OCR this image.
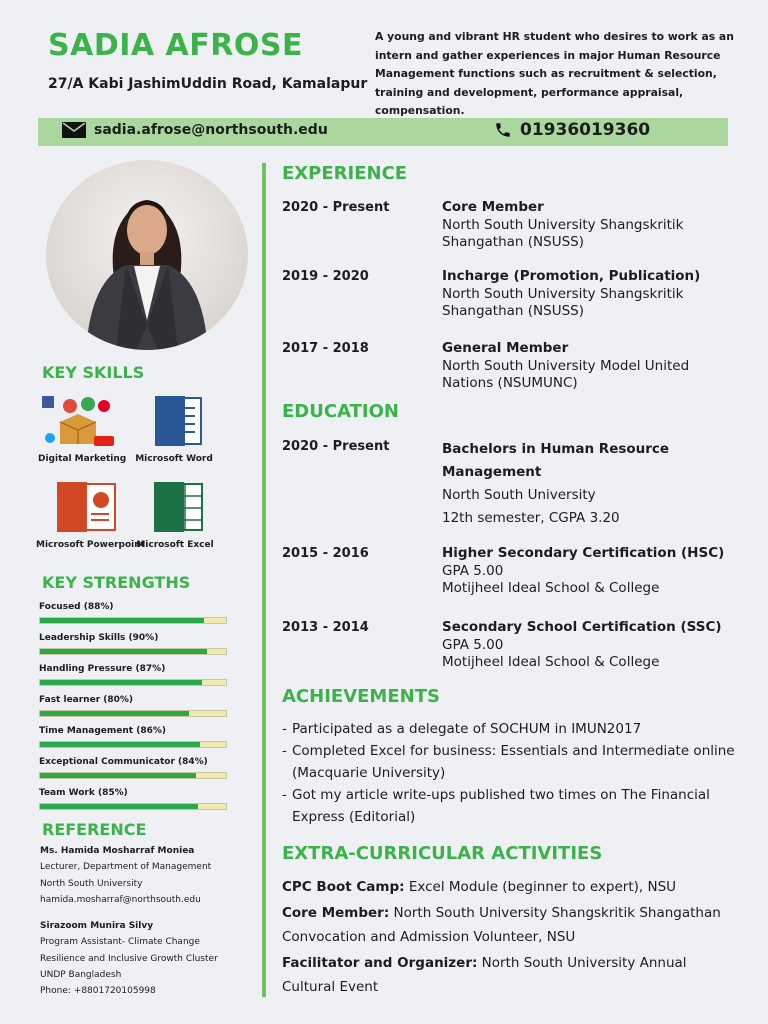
SADIA AFROSE
27/A Kabi JashimUddin Road, Kamalapur
A young and vibrant HR student who desires to work as an intern and gather experiences in major Human Resource Management functions such as recruitment & selection, training and development, performance appraisal, compensation.
sadia.afrose@northsouth.edu	01936019360
KEY SKILLS
Digital Marketing Microsoft Word
Microsoft Powerpoint
Microsoft Excel
KEY STRENGTHS
Focused (88%)
Leadership Skills (90%)
Handling Pressure (87%)
Fast learner (80%)
Time Management (86%)
Exceptional Communicator (84%)
Team Work (85%)
REFERENCE
Ms. Hamida Mosharraf Moniea
Lecturer, Department of Management
North South University
hamida.mosharraf@northsouth.edu
Sirazoom Munira Silvy
Program Assistant- Climate Change
Resilience and Inclusive Growth Cluster
UNDP Bangladesh
Phone: +8801720105998
EXPERIENCE
2020 - Present	Core Member
North South University Shangskritik Shangathan (NSUSS)
2019 - 2020	Incharge (Promotion, Publication)
North South University Shangskritik Shangathan (NSUSS)
2017 - 2018	General Member
North South University Model United Nations (NSUMUNC)
EDUCATION
2020 - Present	Bachelors in Human Resource Management
North South University
12th semester, CGPA 3.20
2015 - 2016	Higher Secondary Certification (HSC)
GPA 5.00
Motijheel Ideal School & College
2013 - 2014	Secondary School Certification (SSC)
GPA 5.00
Motijheel Ideal School & College
ACHIEVEMENTS
- Participated as a delegate of SOCHUM in IMUN2017
- Completed Excel for business: Essentials and Intermediate online (Macquarie University)
- Got my article write-ups published two times on The Financial Express (Editorial)
EXTRA-CURRICULAR ACTIVITIES

CPC Boot Camp: Excel Module (beginner to expert), NSU

Core Member: North South University Shangskritik Shangathan Convocation and Admission Volunteer, NSU

Facilitator and Organizer: North South University Annual Cultural Event
